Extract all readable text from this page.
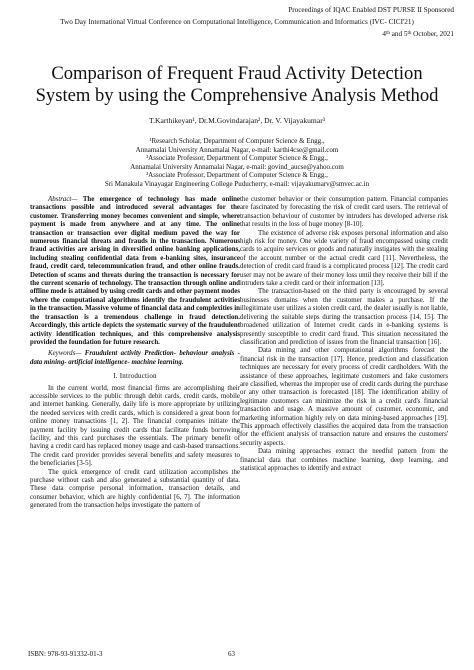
Proceedings of IQAC Enabled DST PURSE II Sponsored
Two Day International Virtual Conference on Computational Intelligence, Communication and Informatics (IVC- CICI'21)
4th and 5th October, 2021
Comparison of Frequent Fraud Activity Detection
System by using the Comprehensive Analysis Method
T.Karthikeyan¹, Dr.M.Govindarajan², Dr. V. Vijayakumar³
¹Research Scholar, Department of Computer Science & Engg.,
Annamalai University Annamalai Nagar, e-mail: karthi4cse@gmail.com
²Associate Professor, Department of Computer Science & Engg.,
Annamalai University Annamalai Nagar, e-mail: govind_aucse@yahoo.com
³Associate Professor, Department of Computer Science & Engg.,
Sri Manakula Vinayagar Engineering College Puducherry, e-mail: vijayakumarv@smvec.ac.in

Abstract— The emergence of technology has made online transactions possible and introduced several advantages for the customer. Transferring money becomes convenient and simple, where payment is made from anywhere and at any time. The online transaction or transaction over digital medium paved the way for numerous financial threats and frauds in the transaction. Numerous fraud activities are arising in diversified online banking applications, including stealing confidential data from e-banking sites, insurance fraud, credit card, telecommunication fraud, and other online frauds. Detection of scams and threats during the transaction is necessary for the current scenario of technology. The transaction through online and offline mode is attained by using credit cards and other payment modes where the computational algorithms identify the fraudulent activities in the transaction. Massive volume of financial data and complexities in the transaction is a tremendous challenge in fraud detection. Accordingly, this article depicts the systematic survey of the fraudulent activity identification techniques, and this comprehensive analysis provided the foundation for future research.

Keywords— Fraudulent activity Prediction- behaviour analysis - data mining- artificial intelligence- machine learning.

I. Introduction

In the current world, most financial firms are accomplishing their accessible services to the public through debit cards, credit cards, mobile and internet banking. Generally, daily life is more appropriate by utilizing the needed services with credit cards, which is considered a great boon for online money transactions [1, 2]. The financial companies initiate the payment facility by issuing credit cards that facilitate funds borrowing facility, and this card purchases the essentials. The primary benefit of having a credit card has replaced money usage and cash-based transactions. The credit card provider provides several benefits and safety measures to the beneficiaries [3-5].

The quick emergence of credit card utilization accomplishes the purchase without cash and also generated a substantial quantity of data. These data comprise personal information, transaction details, and consumer behavior, which are highly confidential [6, 7]. The information generated from the transaction helps investigate the pattern of

the customer behavior or their consumption pattern. Financial companies are fascinated by forecasting the risk of credit card users. The retrieval of transaction behaviour of customer by intruders has developed adverse risk that results in the loss of huge money [8-10].

The existence of adverse risk exposes personal information and also high risk for money. One wide variety of fraud encompassed using credit cards to acquire services or goods and naturally instigates with the stealing of the account number or the actual credit card [11]. Nevertheless, the detection of credit card fraud is a complicated process [12]. The credit card user may not be aware of their money loss until they receive their bill if the intruders take a credit card or their information [13].

The transaction-based on the third party is encouraged by several businesses domains when the customer makes a purchase. If the illegitimate user utilizes a stolen credit card, the dealer usually is not liable, delivering the suitable steps during the transaction process [14, 15]. The broadened utilization of Internet credit cards in e-banking systems is presently susceptible to credit card fraud. This situation necessitated the classification and prediction of issues from the financial transaction [16].

Data mining and other computational algorithms forecast the financial risk in the transaction [17]. Hence, prediction and classification techniques are necessary for every process of credit cardholders. With the assistance of these approaches, legitimate customers and fake customers are classified, whereas the improper use of credit cards during the purchase or any other transaction is forecasted [18]. The identification ability of legitimate customers can minimize the risk in a credit card's financial transaction and usage. A massive amount of customer, economic, and marketing information highly rely on data mining-based approaches [19]. This approach effectively classifies the acquired data from the transaction for the efficient analysis of transaction nature and ensures the customers' security aspects.

Data mining approaches extract the needful pattern from the financial data that combines machine learning, deep learning, and statistical approaches to identify and extract

ISBN: 978-93-91332-01-3	63
